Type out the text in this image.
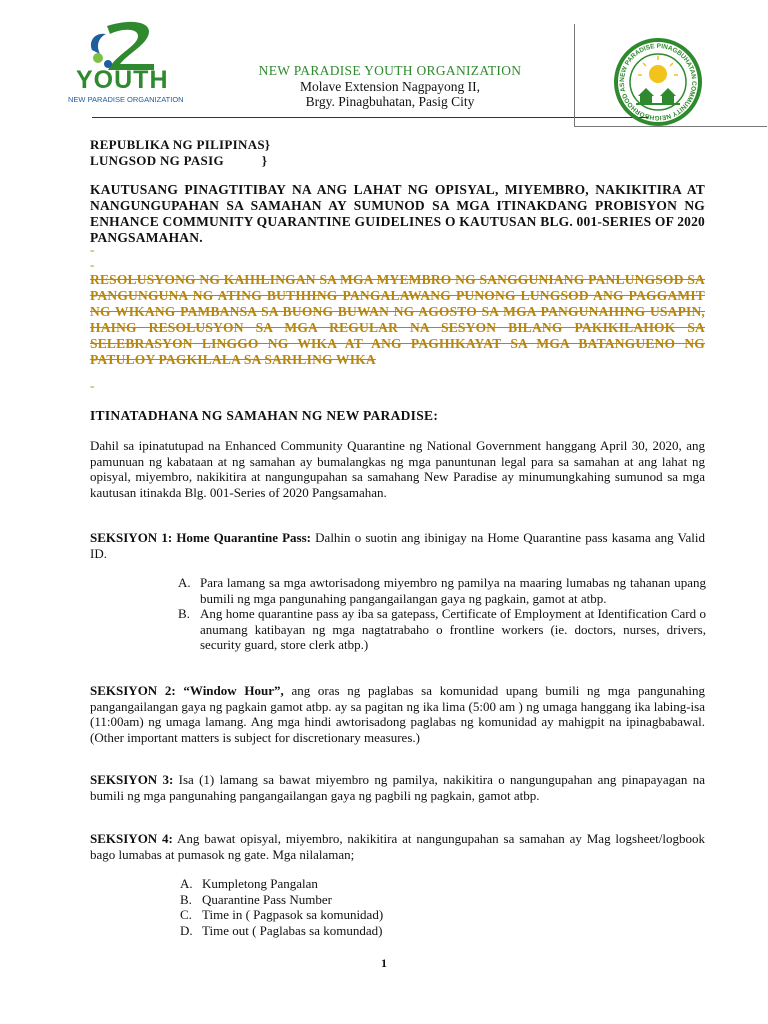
YOUTH
NEW PARADISE ORGANIZATION
NEW PARADISE YOUTH ORGANIZATION
Molave Extension Nagpayong II,
Brgy. Pinagbuhatan, Pasig City
NEW PARADISE PINAGBUHATAN COMMUNITY NEIGHBORHOOD AS
REPUBLIKA NG PILIPINAS}
LUNGSOD NG PASIG	}
KAUTUSANG PINAGTITIBAY NA ANG LAHAT NG OPISYAL, MIYEMBRO, NAKIKITIRA AT NANGUNGUPAHAN SA SAMAHAN AY SUMUNOD SA MGA ITINAKDANG PROBISYON NG ENHANCE COMMUNITY QUARANTINE GUIDELINES O KAUTUSAN BLG. 001-SERIES OF 2020 PANGSAMAHAN.
-
-
RESOLUSYONG NG KAHILINGAN SA MGA MYEMBRO NG SANGGUNIANG PANLUNGSOD SA PANGUNGUNA NG ATING BUTIHING PANGALAWANG PUNONG LUNGSOD ANG PAGGAMIT NG WIKANG PAMBANSA SA BUONG BUWAN NG AGOSTO SA MGA PANGUNAHING USAPIN, HAING RESOLUSYON SA MGA REGULAR NA SESYON BILANG PAKIKILAHOK SA SELEBRASYON LINGGO NG WIKA AT ANG PAGHIKAYAT SA MGA BATANGUENO NG PATULOY PAGKILALA SA SARILING WIKA
-
ITINATADHANA NG SAMAHAN NG NEW PARADISE:
Dahil sa ipinatutupad na Enhanced Community Quarantine ng National Government hanggang April 30, 2020, ang pamunuan ng kabataan at ng samahan ay bumalangkas ng mga panuntunan legal para sa samahan at ang lahat ng opisyal, miyembro, nakikitira at nangungupahan sa samahang New Paradise ay minumungkahing sumunod sa mga kautusan itinakda Blg. 001-Series of 2020 Pangsamahan.
SEKSIYON 1: Home Quarantine Pass: Dalhin o suotin ang ibinigay na Home Quarantine pass kasama ang Valid ID.
A. Para lamang sa mga awtorisadong miyembro ng pamilya na maaring lumabas ng tahanan upang bumili ng mga pangunahing pangangailangan gaya ng pagkain, gamot at atbp.
B. Ang home quarantine pass ay iba sa gatepass, Certificate of Employment at Identification Card o anumang katibayan ng mga nagtatrabaho o frontline workers (ie. doctors, nurses, drivers, security guard, store clerk atbp.)
SEKSIYON 2: “Window Hour”, ang oras ng paglabas sa komunidad upang bumili ng mga pangunahing pangangailangan gaya ng pagkain gamot atbp. ay sa pagitan ng ika lima (5:00 am ) ng umaga hanggang ika labing-isa (11:00am) ng umaga lamang. Ang mga hindi awtorisadong paglabas ng komunidad ay mahigpit na ipinagbabawal. (Other important matters is subject for discretionary measures.)
SEKSIYON 3: Isa (1) lamang sa bawat miyembro ng pamilya, nakikitira o nangungupahan ang pinapayagan na bumili ng mga pangunahing pangangailangan gaya ng pagbili ng pagkain, gamot atbp.
SEKSIYON 4: Ang bawat opisyal, miyembro, nakikitira at nangungupahan sa samahan ay Mag logsheet/logbook bago lumabas at pumasok ng gate. Mga nilalaman;
A. Kumpletong Pangalan
B. Quarantine Pass Number
C. Time in ( Pagpasok sa komunidad)
D. Time out ( Paglabas sa komundad)
1
